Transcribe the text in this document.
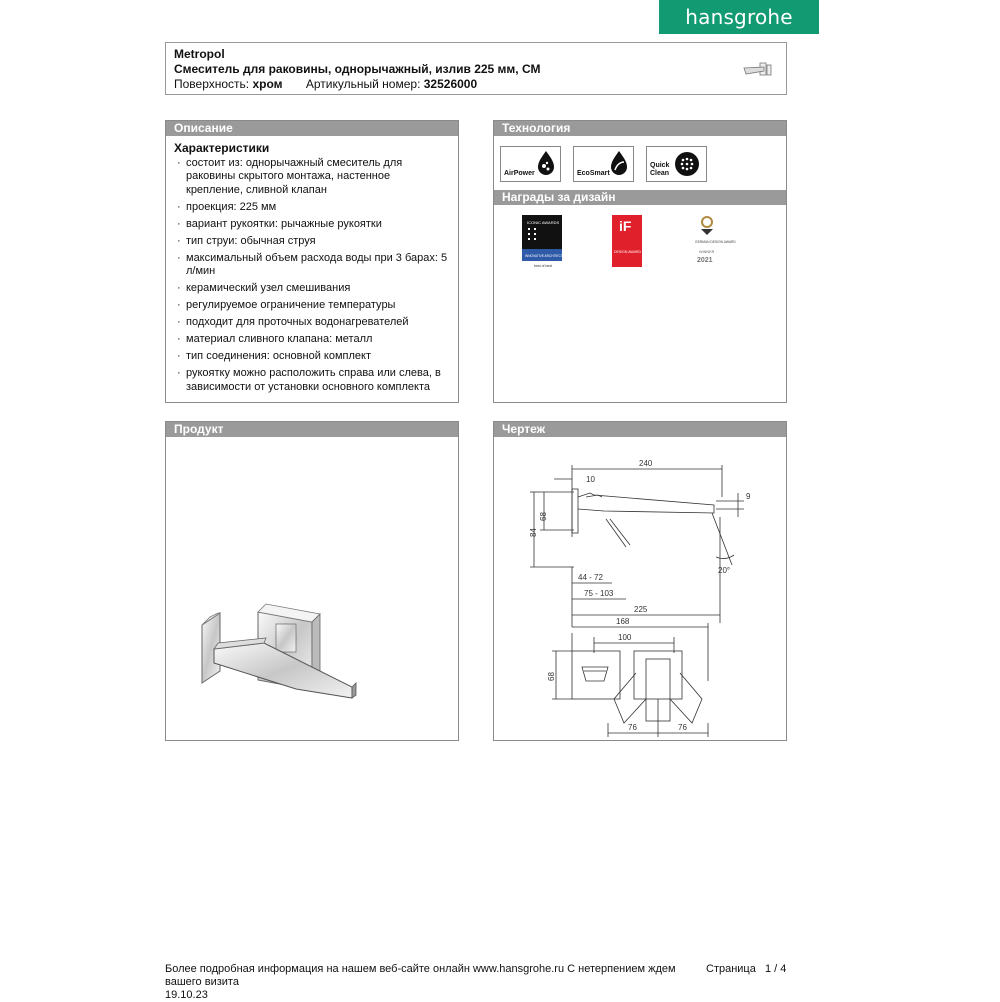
hansgrohe
Metropol
Смеситель для раковины, однорычажный, излив 225 мм, СМ
Поверхность: хром Артикульный номер: 32526000
Описание
Характеристики
· состоит из: однорычажный смеситель для раковины скрытого монтажа, настенное крепление, сливной клапан
· проекция: 225 мм
· вариант рукоятки: рычажные рукоятки
· тип струи: обычная струя
· максимальный объем расхода воды при 3 барах: 5 л/мин
· керамический узел смешивания
· регулируемое ограничение температуры
· подходит для проточных водонагревателей
· материал сливного клапана: металл
· тип соединения: основной комплект
· рукоятку можно расположить справа или слева, в зависимости от установки основного комплекта
Технология
AirPower	EcoSmart
Quick
Clean
Награды за дизайн
ICONIC AWARDS
INNOVATIVE ARCHITECTURE
best of best
iF
DESIGN AWARD 2020
GERMAN DESIGN AWARD
WINNER
2021
Продукт	Чертеж
240
10
9
68
84
20°
44 - 72
75 - 103
225
168
100
68
76	76
Более подробная информация на нашем веб-сайте онлайн www.hansgrohe.ru С нетерпением ждем	Страница 1 / 4
вашего визита
19.10.23
